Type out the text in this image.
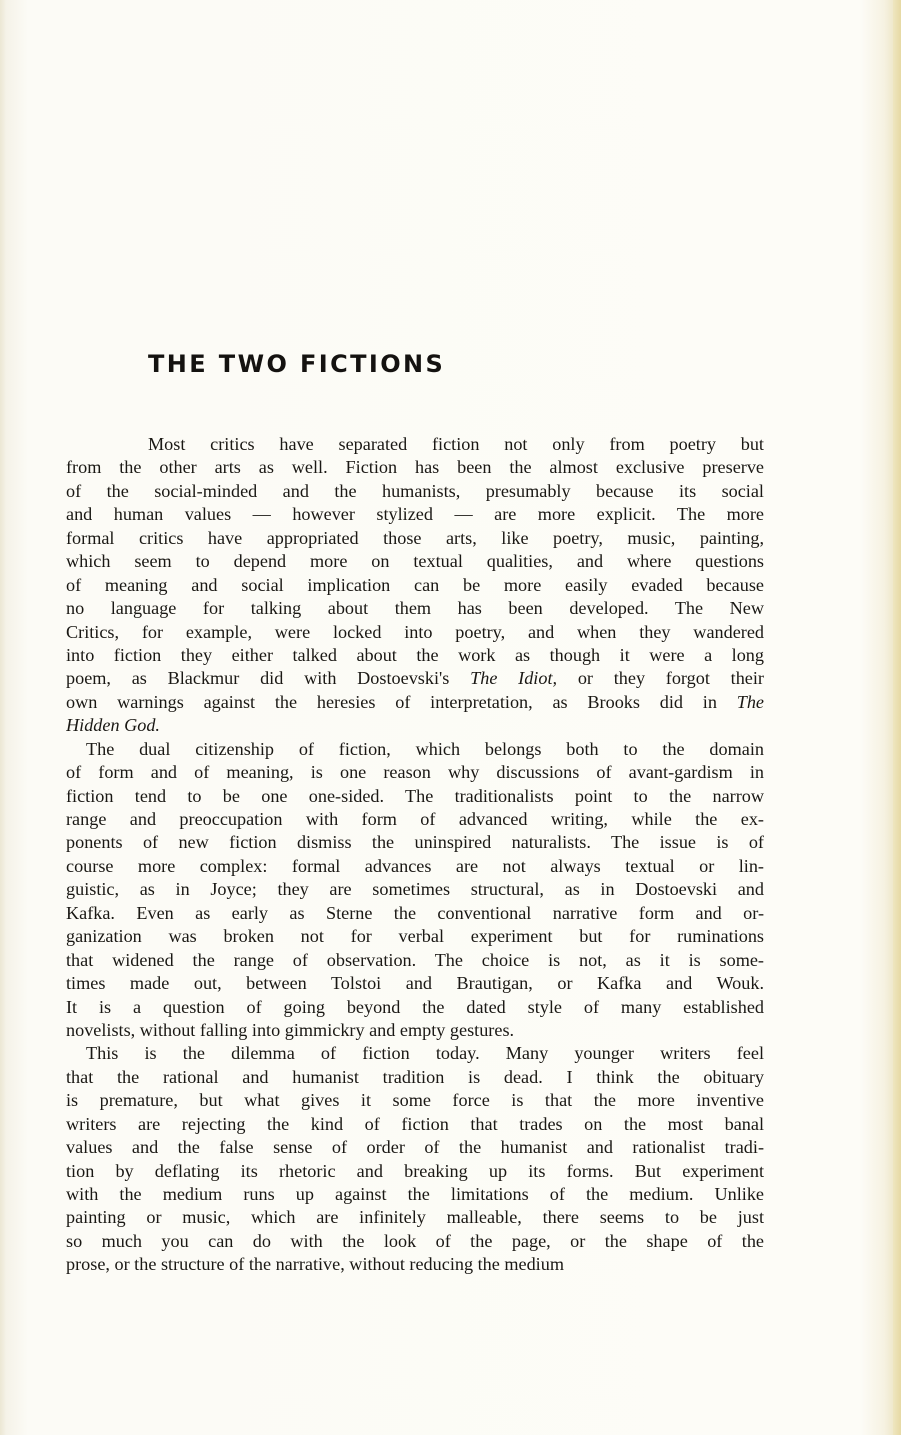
THE TWO FICTIONS
Most critics have separated fiction not only from poetry but
from the other arts as well. Fiction has been the almost exclusive preserve
of the social-minded and the humanists, presumably because its social
and human values — however stylized — are more explicit. The more
formal critics have appropriated those arts, like poetry, music, painting,
which seem to depend more on textual qualities, and where questions
of meaning and social implication can be more easily evaded because
no language for talking about them has been developed. The New
Critics, for example, were locked into poetry, and when they wandered
into fiction they either talked about the work as though it were a long
poem, as Blackmur did with Dostoevski's The Idiot, or they forgot their
own warnings against the heresies of interpretation, as Brooks did in The
Hidden God.
The dual citizenship of fiction, which belongs both to the domain
of form and of meaning, is one reason why discussions of avant-gardism in
fiction tend to be one one-sided. The traditionalists point to the narrow
range and preoccupation with form of advanced writing, while the ex-
ponents of new fiction dismiss the uninspired naturalists. The issue is of
course more complex: formal advances are not always textual or lin-
guistic, as in Joyce; they are sometimes structural, as in Dostoevski and
Kafka. Even as early as Sterne the conventional narrative form and or-
ganization was broken not for verbal experiment but for ruminations
that widened the range of observation. The choice is not, as it is some-
times made out, between Tolstoi and Brautigan, or Kafka and Wouk.
It is a question of going beyond the dated style of many established
novelists, without falling into gimmickry and empty gestures.
This is the dilemma of fiction today. Many younger writers feel
that the rational and humanist tradition is dead. I think the obituary
is premature, but what gives it some force is that the more inventive
writers are rejecting the kind of fiction that trades on the most banal
values and the false sense of order of the humanist and rationalist tradi-
tion by deflating its rhetoric and breaking up its forms. But experiment
with the medium runs up against the limitations of the medium. Unlike
painting or music, which are infinitely malleable, there seems to be just
so much you can do with the look of the page, or the shape of the
prose, or the structure of the narrative, without reducing the medium
